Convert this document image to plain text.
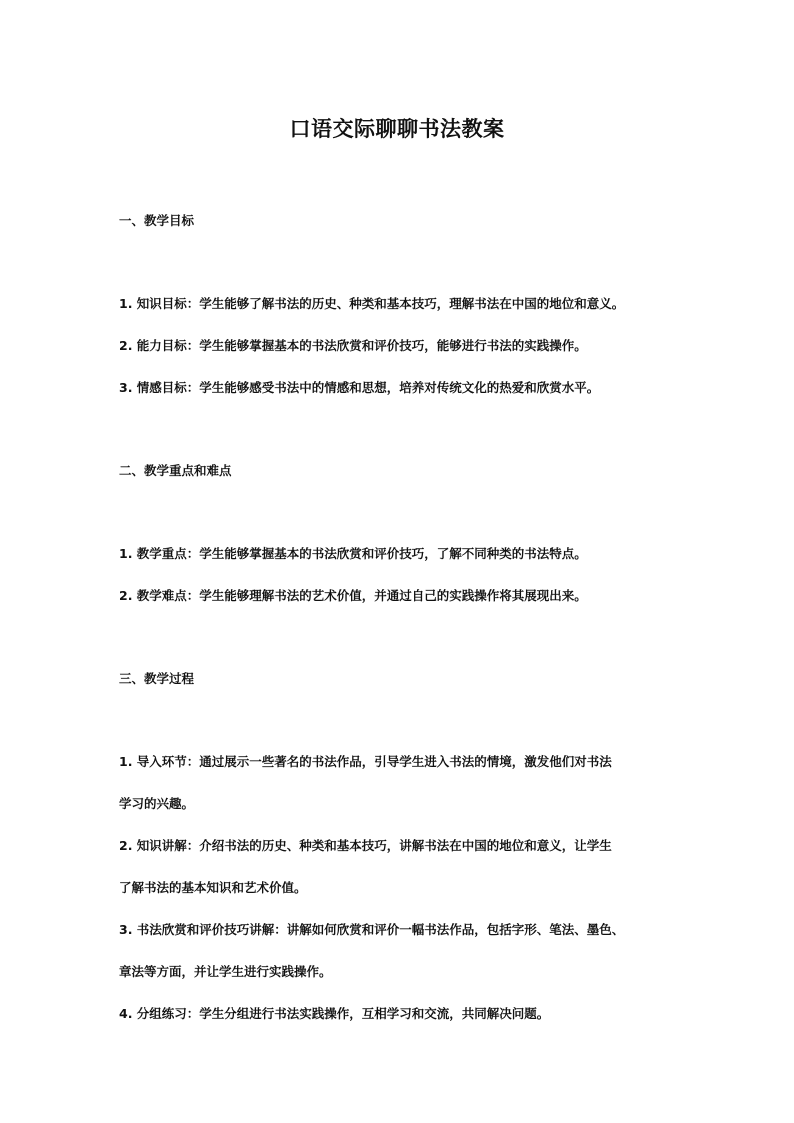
口语交际聊聊书法教案
一、教学目标
1. 知识目标：学生能够了解书法的历史、种类和基本技巧，理解书法在中国的地位和意义。
2. 能力目标：学生能够掌握基本的书法欣赏和评价技巧，能够进行书法的实践操作。
3. 情感目标：学生能够感受书法中的情感和思想，培养对传统文化的热爱和欣赏水平。
二、教学重点和难点
1. 教学重点：学生能够掌握基本的书法欣赏和评价技巧，了解不同种类的书法特点。
2. 教学难点：学生能够理解书法的艺术价值，并通过自己的实践操作将其展现出来。
三、教学过程
1. 导入环节：通过展示一些著名的书法作品，引导学生进入书法的情境，激发他们对书法
学习的兴趣。
2. 知识讲解：介绍书法的历史、种类和基本技巧，讲解书法在中国的地位和意义，让学生
了解书法的基本知识和艺术价值。
3. 书法欣赏和评价技巧讲解：讲解如何欣赏和评价一幅书法作品，包括字形、笔法、墨色、
章法等方面，并让学生进行实践操作。
4. 分组练习：学生分组进行书法实践操作，互相学习和交流，共同解决问题。
